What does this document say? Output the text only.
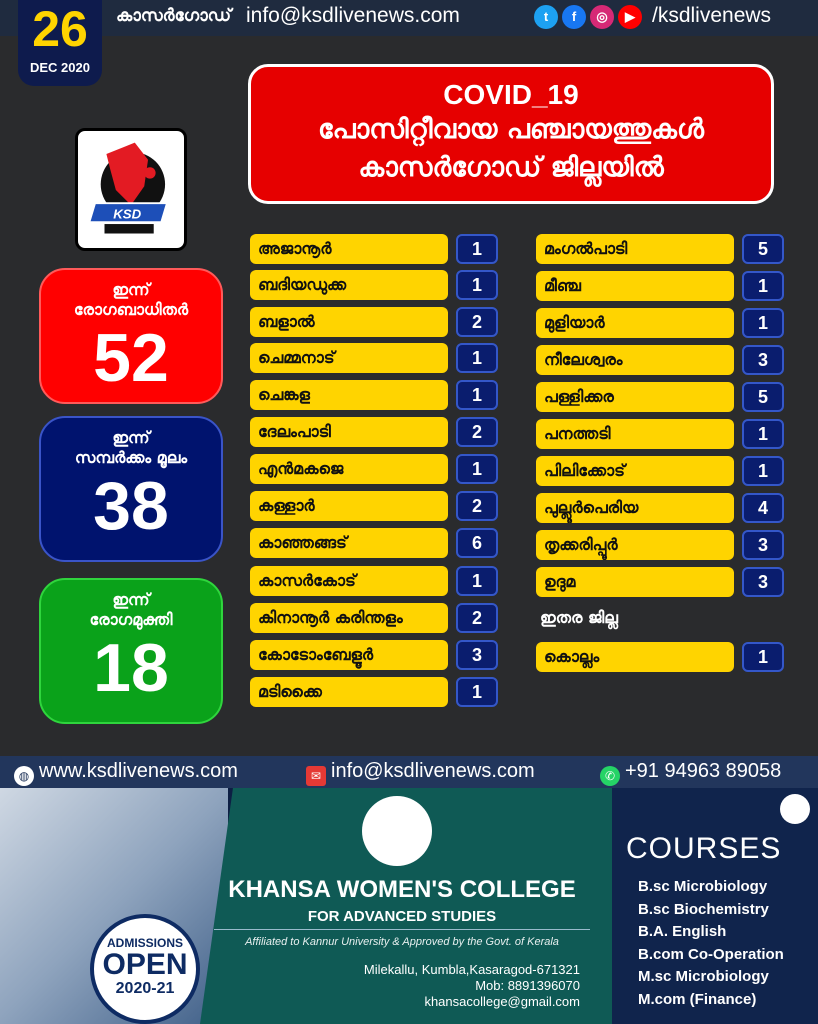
കാസർഗോഡ് info@ksdlivenews.com	t	f	◎	▶ /ksdlivenews
26
DEC 2020
COVID_19
പോസിറ്റീവായ പഞ്ചായത്തുകൾ
കാസർഗോഡ് ജില്ലയിൽ
KSD
ഇന്ന്
രോഗബാധിതർ
52
ഇന്ന്
സമ്പർക്കം മൂലം
38
ഇന്ന്
രോഗമുക്തി
18
അജാനൂർ	1
ബദിയഡുക്ക	1
ബളാൽ	2
ചെമ്മനാട്	1
ചെങ്കള	1
ദേലംപാടി	2
എൻമകജെ	1
കള്ളാർ	2
കാഞ്ഞങ്ങട്	6
കാസർകോട്	1
കിനാനൂർ കരിന്തളം	2
കോടോംബേളൂർ	3
മടിക്കൈ	1
മംഗൽപാടി	5
മീഞ്ച	1
മുളിയാർ	1
നീലേശ്വരം	3
പള്ളിക്കര	5
പനത്തടി	1
പിലിക്കോട്	1
പുല്ലൂർപെരിയ	4
തൃക്കരിപ്പൂർ	3
ഉദുമ	3
ഇതര ജില്ല
കൊല്ലം	1
◍ www.ksdlivenews.com	✉ info@ksdlivenews.com	✆ +91 94963 89058
KHANSA WOMEN'S COLLEGE
FOR ADVANCED STUDIES
Affiliated to Kannur University & Approved by the Govt. of Kerala
Milekallu, Kumbla,Kasaragod-671321
Mob: 8891396070
khansacollege@gmail.com
ADMISSIONS
OPEN
2020-21
COURSES
B.sc Microbiology
B.sc Biochemistry
B.A. English
B.com Co-Operation
M.sc Microbiology
M.com (Finance)
